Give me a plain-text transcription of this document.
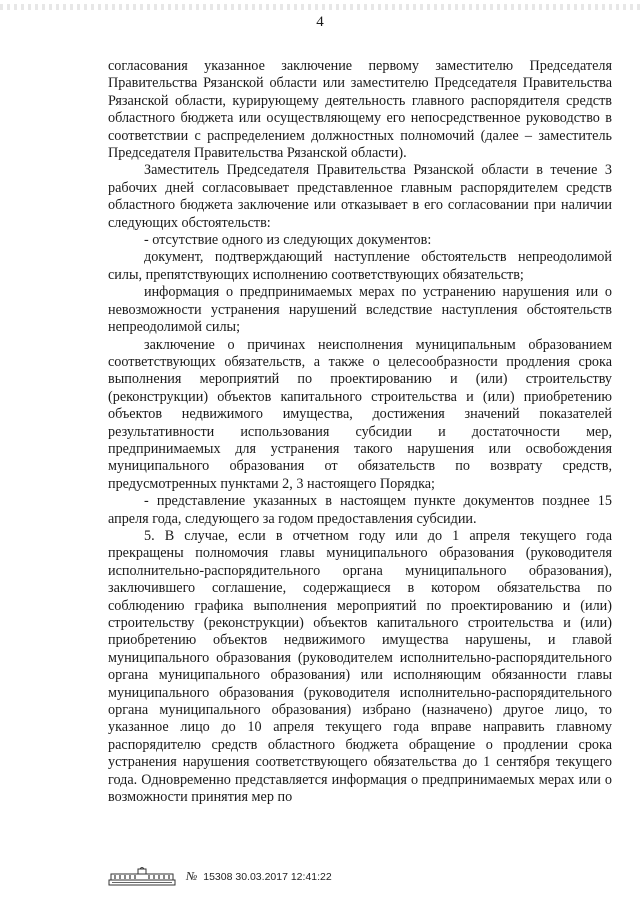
4

согласования указанное заключение первому заместителю Председателя Правительства Рязанской области или заместителю Председателя Правительства Рязанской области, курирующему деятельность главного распорядителя средств областного бюджета или осуществляющему его непосредственное руководство в соответствии с распределением должностных полномочий (далее – заместитель Председателя Правительства Рязанской области).

Заместитель Председателя Правительства Рязанской области в течение 3 рабочих дней согласовывает представленное главным распорядителем средств областного бюджета заключение или отказывает в его согласовании при наличии следующих обстоятельств:

- отсутствие одного из следующих документов:

документ, подтверждающий наступление обстоятельств непреодолимой силы, препятствующих исполнению соответствующих обязательств;

информация о предпринимаемых мерах по устранению нарушения или о невозможности устранения нарушений вследствие наступления обстоятельств непреодолимой силы;

заключение о причинах неисполнения муниципальным образованием соответствующих обязательств, а также о целесообразности продления срока выполнения мероприятий по проектированию и (или) строительству (реконструкции) объектов капитального строительства и (или) приобретению объектов недвижимого имущества, достижения значений показателей результативности использования субсидии и достаточности мер, предпринимаемых для устранения такого нарушения или освобождения муниципального образования от обязательств по возврату средств, предусмотренных пунктами 2, 3 настоящего Порядка;

- представление указанных в настоящем пункте документов позднее 15 апреля года, следующего за годом предоставления субсидии.

5. В случае, если в отчетном году или до 1 апреля текущего года прекращены полномочия главы муниципального образования (руководителя исполнительно-распорядительного органа муниципального образования), заключившего соглашение, содержащиеся в котором обязательства по соблюдению графика выполнения мероприятий по проектированию и (или) строительству (реконструкции) объектов капитального строительства и (или) приобретению объектов недвижимого имущества нарушены, и главой муниципального образования (руководителем исполнительно-распорядительного органа муниципального образования) или исполняющим обязанности главы муниципального образования (руководителя исполнительно-распорядительного органа муниципального образования) избрано (назначено) другое лицо, то указанное лицо до 10 апреля текущего года вправе направить главному распорядителю средств областного бюджета обращение о продлении срока устранения нарушения соответствующего обязательства до 1 сентября текущего года. Одновременно представляется информация о предпринимаемых мерах или о возможности принятия мер по

№ 15308 30.03.2017 12:41:22
